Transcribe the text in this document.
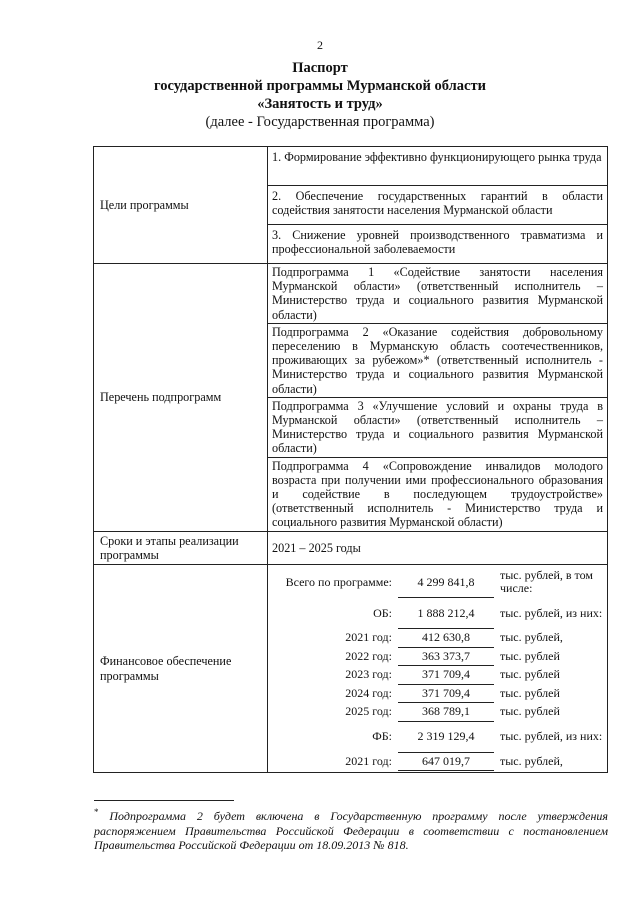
2
Паспорт
государственной программы Мурманской области
«Занятость и труд»
(далее - Государственная программа)
Цели программы	1. Формирование эффективно функционирующего рынка труда
2. Обеспечение государственных гарантий в области содействия занятости населения Мурманской области
3. Снижение уровней производственного травматизма и профессиональной заболеваемости
Перечень подпрограмм	Подпрограмма 1 «Содействие занятости населения Мурманской области» (ответственный исполнитель – Министерство труда и социального развития Мурманской области)
Подпрограмма 2 «Оказание содействия добровольному переселению в Мурманскую область соотечественников, проживающих за рубежом»* (ответственный исполнитель - Министерство труда и социального развития Мурманской области)
Подпрограмма 3 «Улучшение условий и охраны труда в Мурманской области» (ответственный исполнитель – Министерство труда и социального развития Мурманской области)
Подпрограмма 4 «Сопровождение инвалидов молодого возраста при получении ими профессионального образования и содействие в последующем трудоустройстве» (ответственный исполнитель - Министерство труда и социального развития Мурманской области)
Сроки и этапы реализации программы	2021 – 2025 годы
Финансовое обеспечение программы	
Всего по программе:	4 299 841,8	тыс. рублей, в том числе:
ОБ:	1 888 212,4	тыс. рублей, из них:
2021 год:	412 630,8	тыс. рублей,
2022 год:	363 373,7	тыс. рублей
2023 год:	371 709,4	тыс. рублей
2024 год:	371 709,4	тыс. рублей
2025 год:	368 789,1	тыс. рублей
ФБ:	2 319 129,4	тыс. рублей, из них:
2021 год:	647 019,7	тыс. рублей,
* Подпрограмма 2 будет включена в Государственную программу после утверждения распоряжением Правительства Российской Федерации в соответствии с постановлением Правительства Российской Федерации от 18.09.2013 № 818.
